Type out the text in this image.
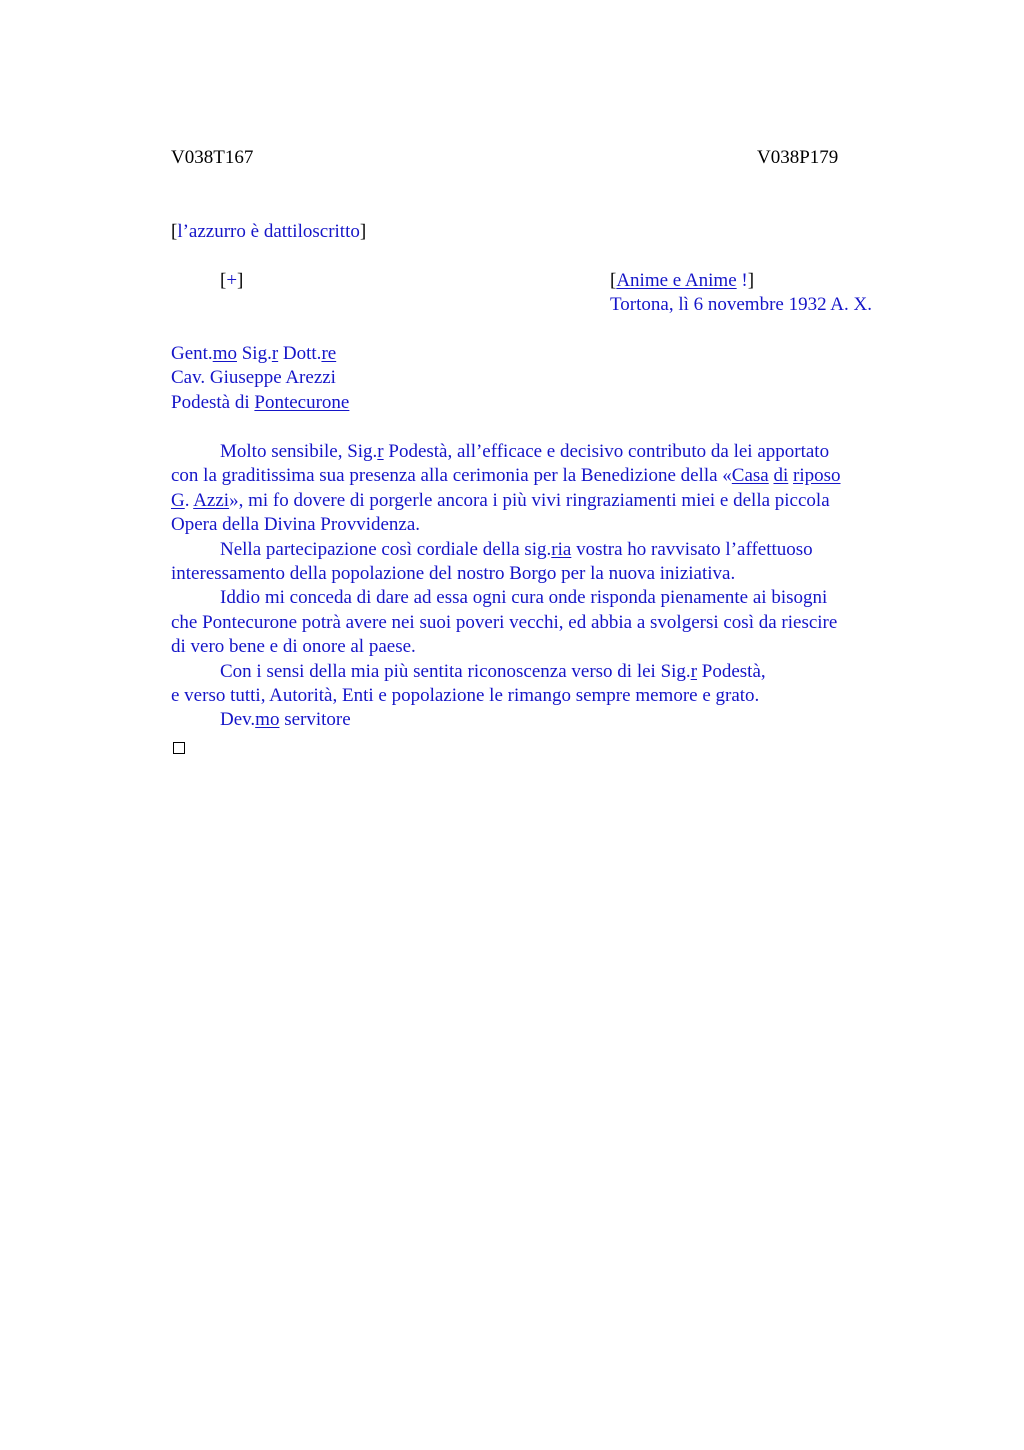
V038T167	V038P179
[l’azzurro è dattiloscritto]
[+]	[Anime e Anime !]
Tortona, lì 6 novembre 1932 A. X.
Gent.mo Sig.r Dott.re
Cav. Giuseppe Arezzi
Podestà di Pontecurone
Molto sensibile, Sig.r Podestà, all’efficace e decisivo contributo da lei apportato
con la graditissima sua presenza alla cerimonia per la Benedizione della «Casa di riposo
G. Azzi», mi fo dovere di porgerle ancora i più vivi ringraziamenti miei e della piccola
Opera della Divina Provvidenza.
Nella partecipazione così cordiale della sig.ria vostra ho ravvisato l’affettuoso
interessamento della popolazione del nostro Borgo per la nuova iniziativa.
Iddio mi conceda di dare ad essa ogni cura onde risponda pienamente ai bisogni
che Pontecurone potrà avere nei suoi poveri vecchi, ed abbia a svolgersi così da riescire
di vero bene e di onore al paese.
Con i sensi della mia più sentita riconoscenza verso di lei Sig.r Podestà,
e verso tutti, Autorità, Enti e popolazione le rimango sempre memore e grato.
Dev.mo servitore
